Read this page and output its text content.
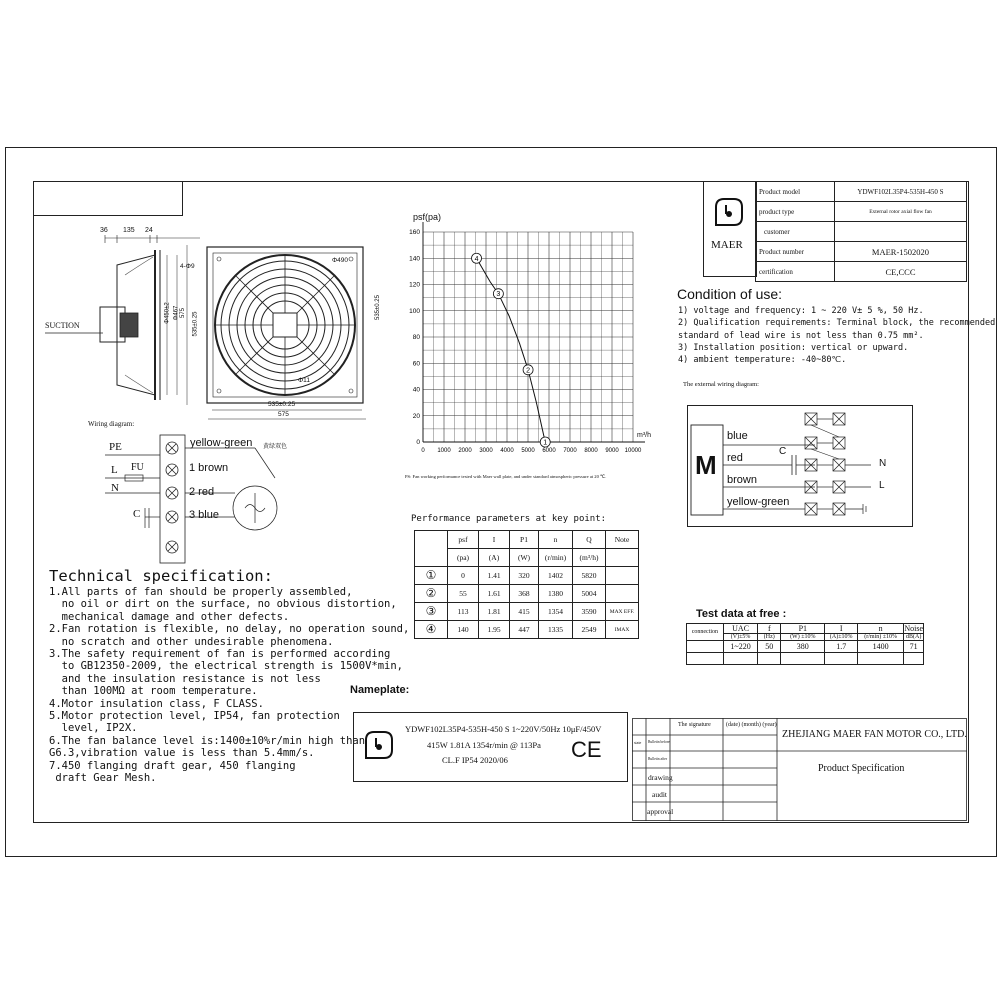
MAER
Product model	YDWF102L35P4-535H-450 S
product type	External rotor axial flow fan
customer	
Product number	MAER-1502020
certification	CE,CCC
36 135 24
SUCTION
Φ450±2 Φ467 575 535±0.25
4-Φ9
Φ490
535±0.25
Φ11
535±0.25
575
Wiring diagram:
PE
L FU
N
C
yellow-green 黄绿双色
1 brown
2 red
3 blue
psf(pa)
0 1000 2000 3000 4000 5000 6000 7000 8000 9000 10000
0
20
40
60
80
100
120
140
160
4
3
2
1
m³/h
PS: Fan working performance tested with Maer wall plate, and under standard atmospheric pressure at 20 ℃.
Condition of use:
1) voltage and frequency: 1 ~ 220 V± 5 %, 50 Hz.
2) Qualification requirements: Terminal block, the recommended
standard of lead wire is not less than 0.75 mm².
3) Installation position: vertical or upward.
4) ambient temperature: -40~80℃.
The external wiring diagram:
M
blue
red
C
brown
yellow-green
N
L
Performance parameters at key point:
	psf	I	P1	n	Q	Note
	(pa)	(A)	(W)	(r/min)	(m³/h)	
①	0	1.41	320	1402	5820	
②	55	1.61	368	1380	5004	
③	113	1.81	415	1354	3590	MAX EFF.
④	140	1.95	447	1335	2549	IMAX
Test data at free :
connection	UAC	f	P1	I	n	Noise
	(V)±5%	(Hz)	(W) ±10%	(A)±10%	(r/min) ±10%	dB(A)
	1~220	50	380	1.7	1400	71

Technical specification:
1.All parts of fan should be properly assembled,
no oil or dirt on the surface, no obvious distortion,
mechanical damage and other defects.
2.Fan rotation is flexible, no delay, no operation sound,
no scratch and other undesirable phenomena.
3.The safety requirement of fan is performed according
to GB12350-2009, the electrical strength is 1500V*min,
and the insulation resistance is not less
than 100MΩ at room temperature.
4.Motor insulation class, F CLASS.
5.Motor protection level, IP54, fan protection
level, IP2X.
6.The fan balance level is:1400±10%r/min high than
G6.3,vibration value is less than 5.4mm/s.
7.450 flanging draft gear, 450 flanging
draft Gear Mesh.
Nameplate:
YDWF102L35P4-535H-450 S 1~220V/50Hz 10μF/450V
415W 1.81A 1354r/min @ 113Pa
CL.F IP54 2020/06	CE
The signature	(date) (month) (year)
state Bulletin before
Bulletin after
drawing
audit
approval
ZHEJIANG MAER FAN MOTOR CO., LTD.
Product Specification
